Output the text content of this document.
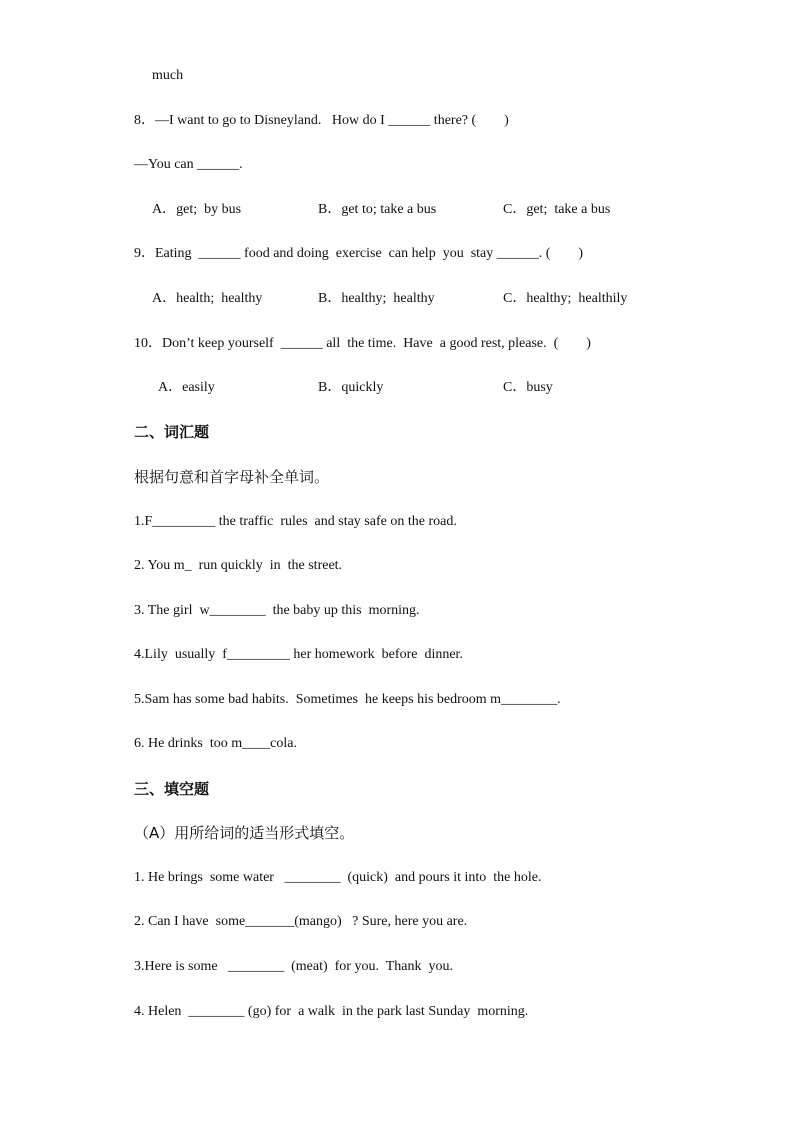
much
8．—I want to go to Disneyland.   How do I ______ there? (        )
—You can ______.
A．get;  by bus	B．get to; take a bus	C．get;  take a bus
9．Eating  ______ food and doing  exercise  can help  you  stay ______. (        )
A．health;  healthy	B．healthy;  healthy	C．healthy;  healthily
10．Don’t keep yourself  ______ all  the time.  Have  a good rest, please.  (        )
A．easily	B．quickly	C．busy
二、词汇题
根据句意和首字母补全单词。
1.F_________ the traffic  rules  and stay safe on the road.
2. You m_  run quickly  in  the street.
3. The girl  w________  the baby up this  morning.
4.Lily  usually  f_________ her homework  before  dinner.
5.Sam has some bad habits.  Sometimes  he keeps his bedroom m________.
6. He drinks  too m____cola.
三、填空题
（A）用所给词的适当形式填空。
1. He brings  some water   ________  (quick)  and pours it into  the hole.
2. Can I have  some_______(mango)   ? Sure, here you are.
3.Here is some   ________  (meat)  for you.  Thank  you.
4. Helen  ________ (go) for  a walk  in the park last Sunday  morning.
